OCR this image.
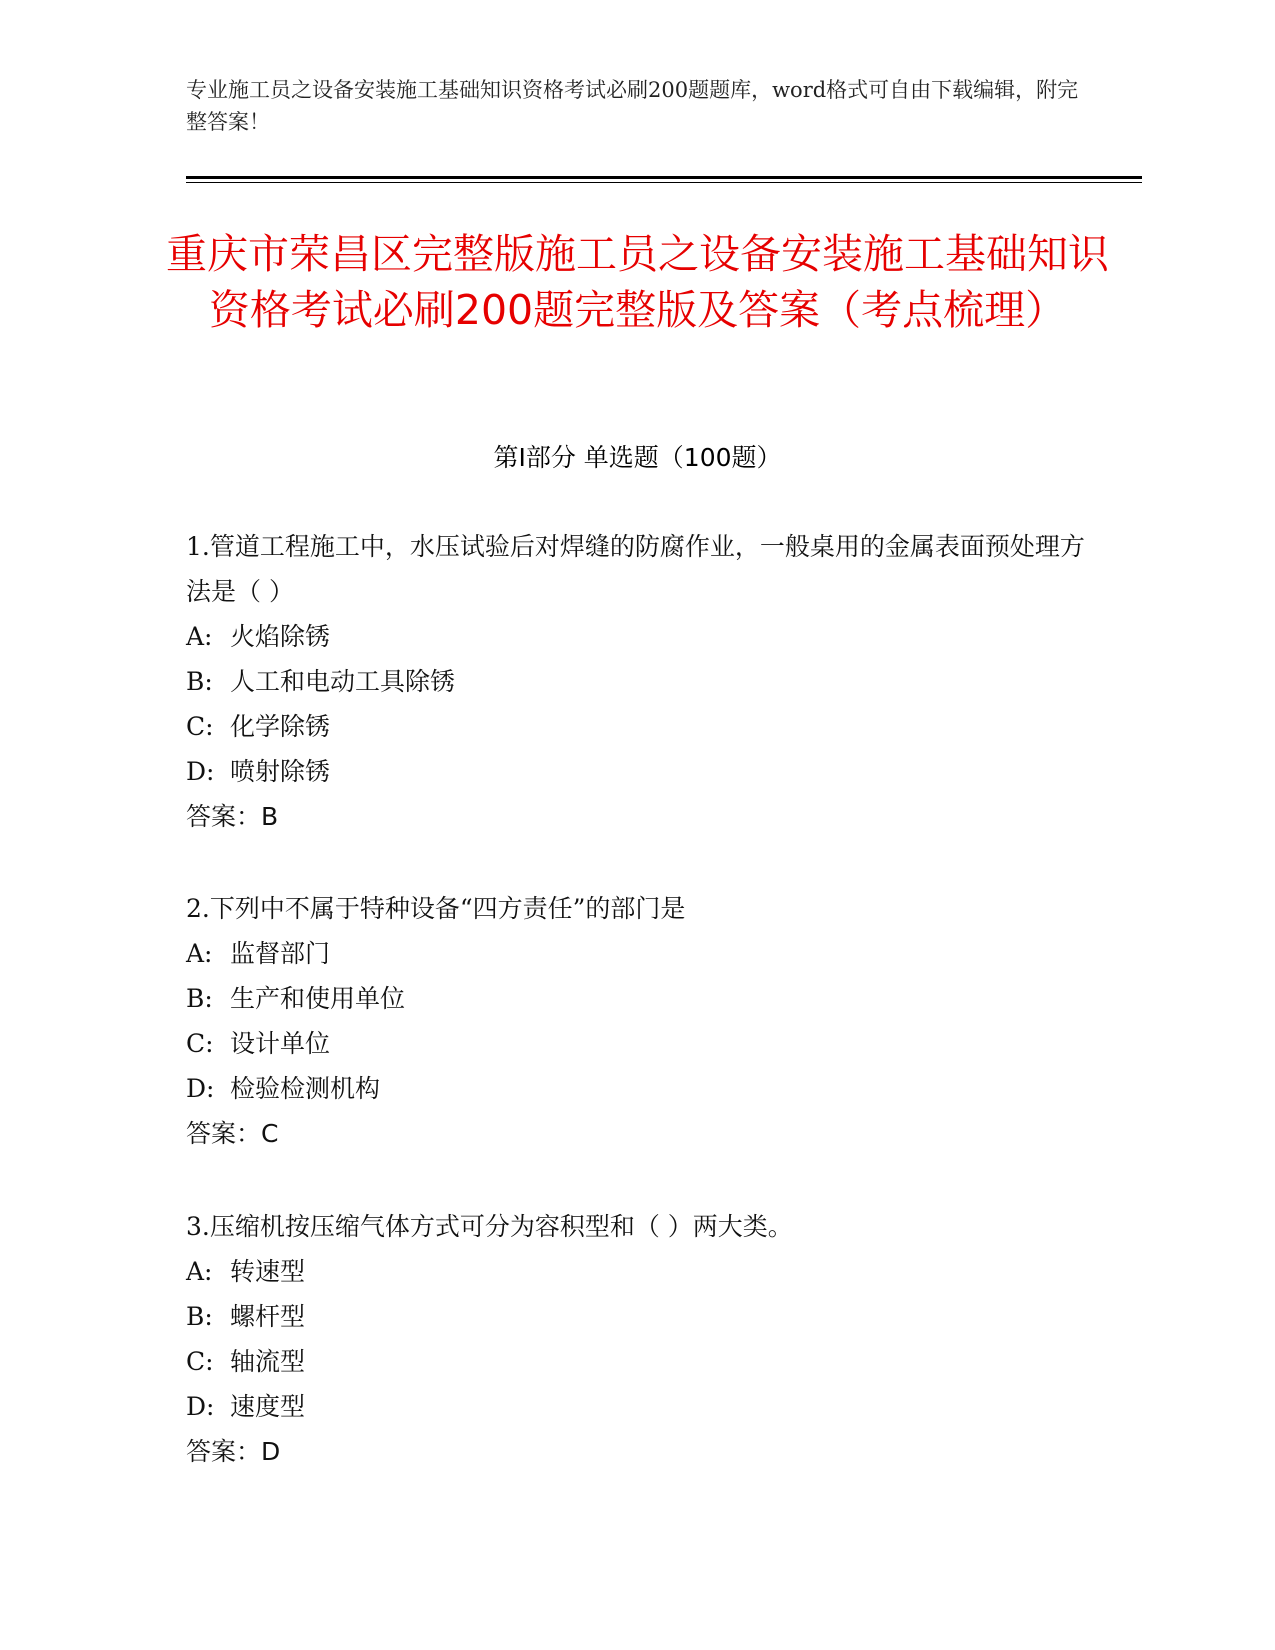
专业施工员之设备安装施工基础知识资格考试必刷200题题库，word格式可自由下载编辑，附完整答案！
重庆市荣昌区完整版施工员之设备安装施工基础知识资格考试必刷200题完整版及答案（考点梳理）
第Ⅰ部分 单选题（100题）

1.管道工程施工中，水压试验后对焊缝的防腐作业，一般桌用的金属表面预处理方法是（ ）

A: 火焰除锈

B: 人工和电动工具除锈

C: 化学除锈

D: 喷射除锈

答案：B

2.下列中不属于特种设备“四方责任”的部门是

A: 监督部门

B: 生产和使用单位

C: 设计单位

D: 检验检测机构

答案：C

3.压缩机按压缩气体方式可分为容积型和（ ）两大类。

A: 转速型

B: 螺杆型

C: 轴流型

D: 速度型

答案：D
